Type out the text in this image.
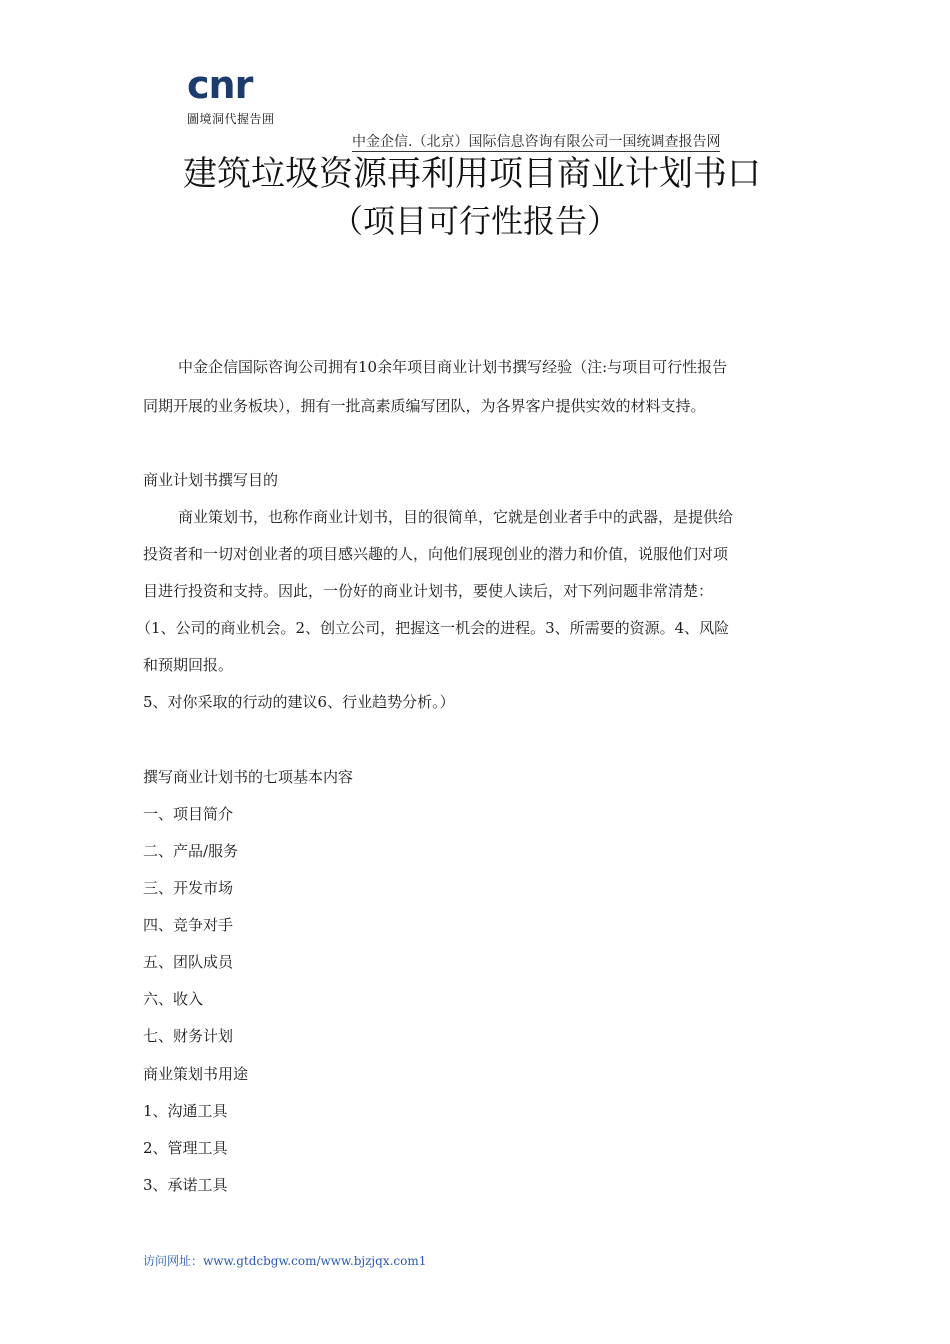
cnr
圖境洞代握告囲
中金企信.（北京）国际信息咨询有限公司一国统调查报告网
建筑垃圾资源再利用项目商业计划书口
（项目可行性报告）
中金企信国际咨询公司拥有10余年项目商业计划书撰写经验（注:与项目可行性报告
同期开展的业务板块），拥有一批高素质编写团队，为各界客户提供实效的材料支持。
商业计划书撰写目的
商业策划书，也称作商业计划书，目的很简单，它就是创业者手中的武器，是提供给
投资者和一切对创业者的项目感兴趣的人，向他们展现创业的潜力和价值，说服他们对项
目进行投资和支持。因此，一份好的商业计划书，要使人读后，对下列问题非常清楚：
（1、公司的商业机会。2、创立公司，把握这一机会的进程。3、所需要的资源。4、风险
和预期回报。
5、对你采取的行动的建议6、行业趋势分析。）
撰写商业计划书的七项基本内容
一、项目简介
二、产品/服务
三、开发市场
四、竞争对手
五、团队成员
六、收入
七、财务计划
商业策划书用途
1、沟通工具
2、管理工具
3、承诺工具
访问网址：www.gtdcbgw.com/www.bjzjqx.com1
